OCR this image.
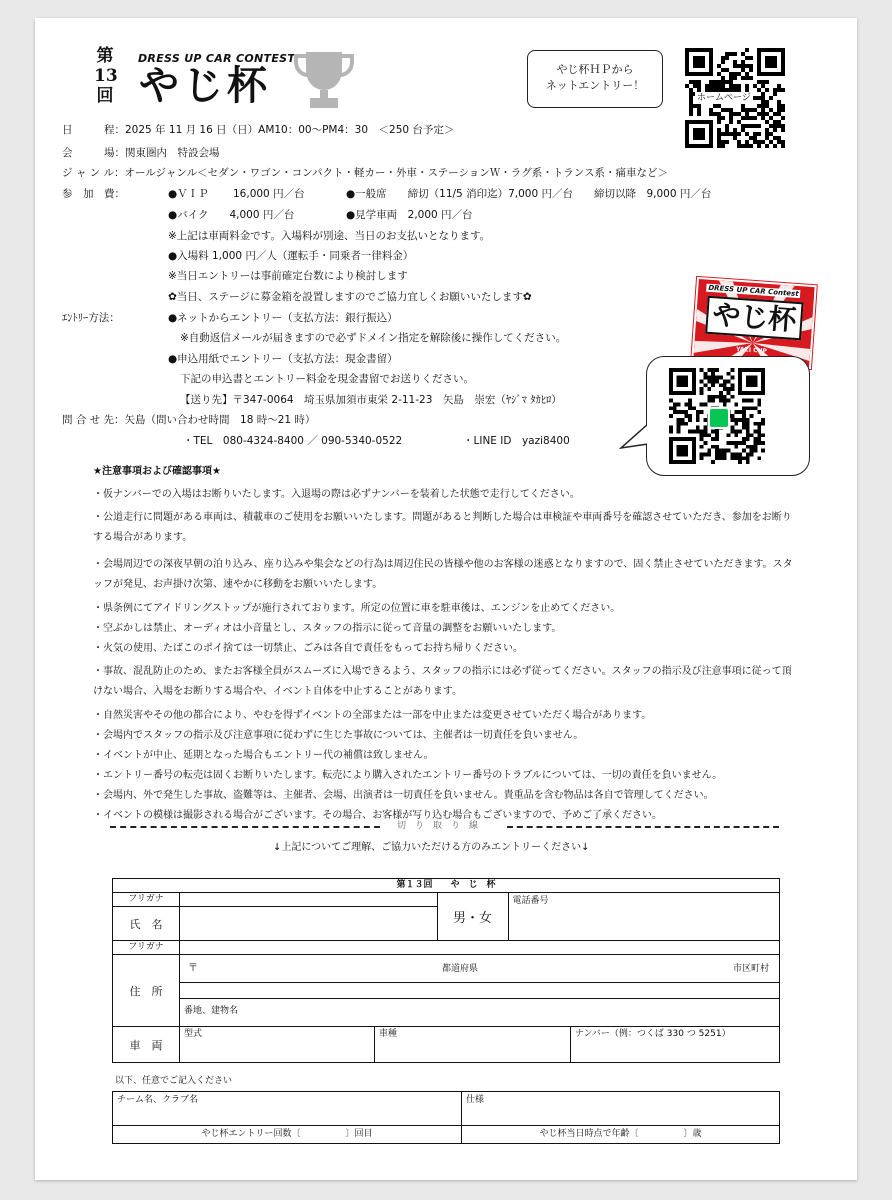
第
13
回
DRESS UP CAR CONTEST
やじ杯	やじ杯ＨＰから
ネットエントリー！
ホームページ
日　　　程：2025 年 11 月 16 日（日）AM10：00〜PM4：30　＜250 台予定＞
会　　　場：関東圏内　特設会場
ジ ャ ン ル：オールジャンル＜セダン・ワゴン・コンパクト・軽カー・外車・ステーションＷ・ラグ系・トランス系・痛車など＞
参　加　費：	●ＶＩＰ　　 16,000 円／台	●一般席　　締切（11/5 消印迄）7,000 円／台　　締切以降　9,000 円／台
●バイク　　4,000 円／台	●見学車両　2,000 円／台
※上記は車両料金です。入場料が別途、当日のお支払いとなります。
●入場料 1,000 円／人（運転手・同乗者一律料金）
※当日エントリーは事前確定台数により検討します
✿当日、ステージに募金箱を設置しますのでご協力宜しくお願いいたします✿
ｴﾝﾄﾘｰ方法：	●ネットからエントリー（支払方法：銀行振込）
※自動返信メールが届きますので必ずドメイン指定を解除後に操作してください。
●申込用紙でエントリー（支払方法：現金書留）
下記の申込書とエントリー料金を現金書留でお送りください。
【送り先】〒347-0064　埼玉県加須市東栄 2-11-23　矢島　崇宏（ﾔｼﾞﾏ ﾀｶﾋﾛ）
問 合 せ 先：矢島（問い合わせ時間　18 時〜21 時）
・TEL　080-4324-8400 ／ 090-5340-0522	・LINE ID　yazi8400
DRESS UP CAR Contest
やじ杯
YAZI CUP
★注意事項および確認事項★
・仮ナンバーでの入場はお断りいたします。入退場の際は必ずナンバーを装着した状態で走行してください。
・公道走行に問題がある車両は、積載車のご使用をお願いいたします。問題があると判断した場合は車検証や車両番号を確認させていただき、参加をお断りする場合があります。
・会場周辺での深夜早朝の泊り込み、座り込みや集会などの行為は周辺住民の皆様や他のお客様の迷惑となりますので、固く禁止させていただきます。スタッフが発見、お声掛け次第、速やかに移動をお願いいたします。
・県条例にてアイドリングストップが施行されております。所定の位置に車を駐車後は、エンジンを止めてください。
・空ぶかしは禁止、オーディオは小音量とし、スタッフの指示に従って音量の調整をお願いいたします。
・火気の使用、たばこのポイ捨ては一切禁止、ごみは各自で責任をもってお持ち帰りください。
・事故、混乱防止のため、またお客様全員がスムーズに入場できるよう、スタッフの指示には必ず従ってください。スタッフの指示及び注意事項に従って頂けない場合、入場をお断りする場合や、イベント自体を中止することがあります。
・自然災害やその他の都合により、やむを得ずイベントの全部または一部を中止または変更させていただく場合があります。
・会場内でスタッフの指示及び注意事項に従わずに生じた事故については、主催者は一切責任を負いません。
・イベントが中止、延期となった場合もエントリー代の補償は致しません。
・エントリー番号の転売は固くお断りいたします。転売により購入されたエントリー番号のトラブルについては、一切の責任を負いません。
・会場内、外で発生した事故、盗難等は、主催者、会場、出演者は一切責任を負いません。貴重品を含む物品は各自で管理してください。
・イベントの模様は撮影される場合がございます。その場合、お客様が写り込む場合もございますので、予めご了承ください。
切　り　取　り　線
↓上記についてご理解、ご協力いただける方のみエントリーください↓
第１３回　　や　じ　杯					
フリガナ			男・女	電話番号	
氏　名					
フリガナ					
住　所	〒 都道府県 市区町村				

	番地、建物名				
車　両	型式	車種			ナンバー（例：つくば 330 つ 5251）
以下、任意でご記入ください
チーム名、クラブ名	仕様
やじ杯エントリー回数〔　　　　　〕回目	やじ杯当日時点で年齢〔　　　　　〕歳
